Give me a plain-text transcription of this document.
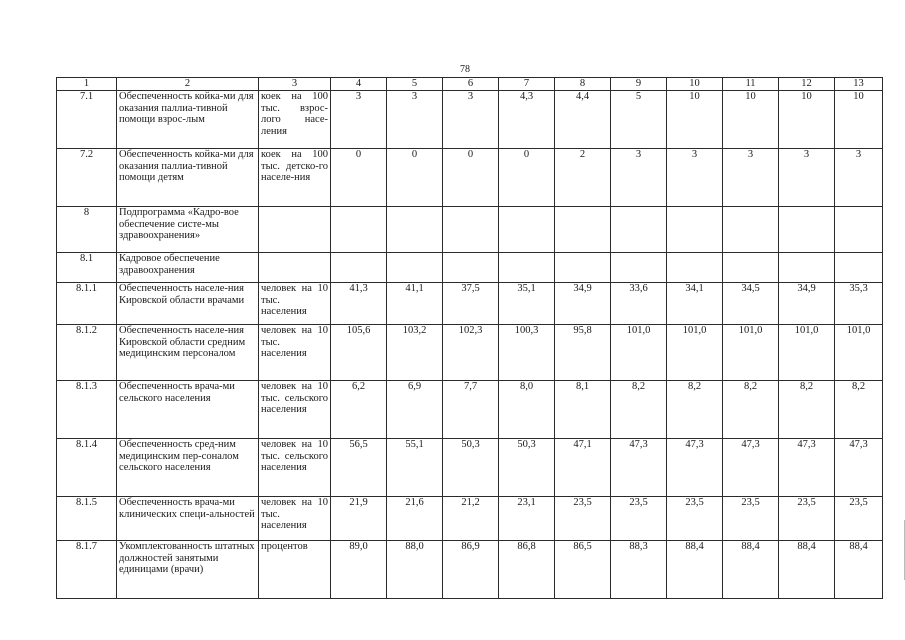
78
1	2	3	4	5	6	7	8	9	10	11	12	13
7.1	Обеспеченность койка-ми для оказания паллиа-тивной помощи взрос-лым	коек на 100 тыс. взрос-лого насе-ления	3	3	3	4,3	4,4	5	10	10	10	10
7.2	Обеспеченность койка-ми для оказания паллиа-тивной помощи детям	коек на 100 тыс. детско-го населе-ния	0	0	0	0	2	3	3	3	3	3
8	Подпрограмма «Кадро-вое обеспечение систе-мы здравоохранения»											
8.1	Кадровое обеспечение здравоохранения											
8.1.1	Обеспеченность населе-ния Кировской области врачами	человек на 10 тыс. населения	41,3	41,1	37,5	35,1	34,9	33,6	34,1	34,5	34,9	35,3
8.1.2	Обеспеченность населе-ния Кировской области средним медицинским персоналом	человек на 10 тыс. населения	105,6	103,2	102,3	100,3	95,8	101,0	101,0	101,0	101,0	101,0
8.1.3	Обеспеченность врача-ми сельского населения	человек на 10 тыс. сельского населения	6,2	6,9	7,7	8,0	8,1	8,2	8,2	8,2	8,2	8,2
8.1.4	Обеспеченность сред-ним медицинским пер-соналом сельского населения	человек на 10 тыс. сельского населения	56,5	55,1	50,3	50,3	47,1	47,3	47,3	47,3	47,3	47,3
8.1.5	Обеспеченность врача-ми клинических специ-альностей	человек на 10 тыс. населения	21,9	21,6	21,2	23,1	23,5	23,5	23,5	23,5	23,5	23,5
8.1.7	Укомплектованность штатных должностей занятыми единицами (врачи)	процентов	89,0	88,0	86,9	86,8	86,5	88,3	88,4	88,4	88,4	88,4
